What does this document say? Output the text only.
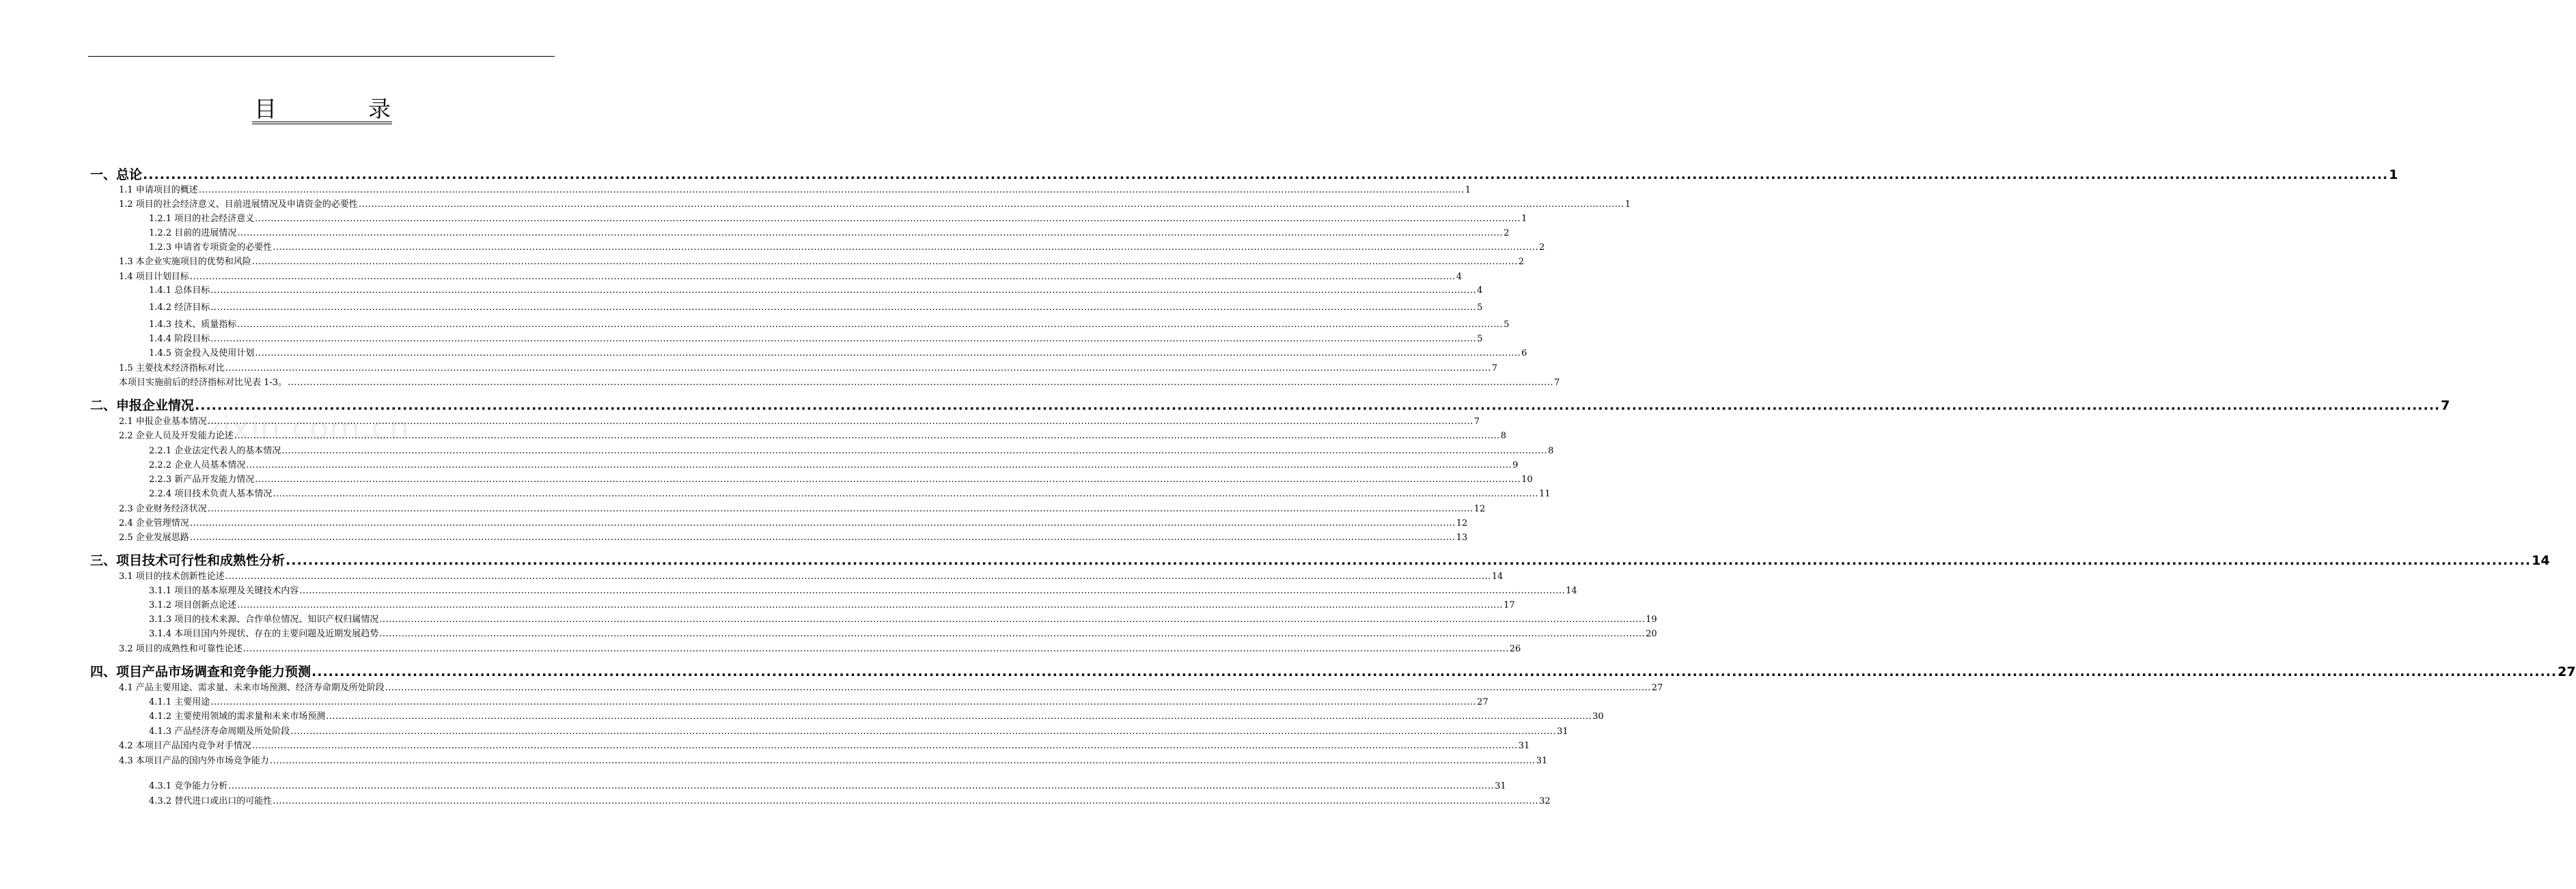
目	录
zixin.com.cn
一、总论 ................................................................................................................................................................................................................................................................................................................................................................................................................ 1
1.1 申请项目的概述 ................................................................................................................................................................................................................................................................................................................................................................................................................ 1
1.2 项目的社会经济意义、目前进展情况及申请资金的必要性 ................................................................................................................................................................................................................................................................................................................................................................................................................ 1
1.2.1 项目的社会经济意义 ................................................................................................................................................................................................................................................................................................................................................................................................................ 1
1.2.2 目前的进展情况 ................................................................................................................................................................................................................................................................................................................................................................................................................ 2
1.2.3 申请省专项资金的必要性 ................................................................................................................................................................................................................................................................................................................................................................................................................ 2
1.3 本企业实施项目的优势和风险 ................................................................................................................................................................................................................................................................................................................................................................................................................ 2
1.4 项目计划目标 ................................................................................................................................................................................................................................................................................................................................................................................................................ 4
1.4.1 总体目标 ................................................................................................................................................................................................................................................................................................................................................................................................................ 4
1.4.2 经济目标 ................................................................................................................................................................................................................................................................................................................................................................................................................ 5
1.4.3 技术、质量指标 ................................................................................................................................................................................................................................................................................................................................................................................................................ 5
1.4.4 阶段目标 ................................................................................................................................................................................................................................................................................................................................................................................................................ 5
1.4.5 资金投入及使用计划 ................................................................................................................................................................................................................................................................................................................................................................................................................ 6
1.5 主要技术经济指标对比 ................................................................................................................................................................................................................................................................................................................................................................................................................ 7
本项目实施前后的经济指标对比见表 1-3。 ................................................................................................................................................................................................................................................................................................................................................................................................................ 7
二、申报企业情况 ................................................................................................................................................................................................................................................................................................................................................................................................................ 7
2.1 申报企业基本情况 ................................................................................................................................................................................................................................................................................................................................................................................................................ 7
2.2 企业人员及开发能力论述 ................................................................................................................................................................................................................................................................................................................................................................................................................ 8
2.2.1 企业法定代表人的基本情况 ................................................................................................................................................................................................................................................................................................................................................................................................................ 8
2.2.2 企业人员基本情况 ................................................................................................................................................................................................................................................................................................................................................................................................................ 9
2.2.3 新产品开发能力情况 ................................................................................................................................................................................................................................................................................................................................................................................................................ 10
2.2.4 项目技术负责人基本情况 ................................................................................................................................................................................................................................................................................................................................................................................................................ 11
2.3 企业财务经济状况 ................................................................................................................................................................................................................................................................................................................................................................................................................ 12
2.4 企业管理情况 ................................................................................................................................................................................................................................................................................................................................................................................................................ 12
2.5 企业发展思路 ................................................................................................................................................................................................................................................................................................................................................................................................................ 13
三、项目技术可行性和成熟性分析 ................................................................................................................................................................................................................................................................................................................................................................................................................ 14
3.1 项目的技术创新性论述 ................................................................................................................................................................................................................................................................................................................................................................................................................ 14
3.1.1 项目的基本原理及关键技术内容 ................................................................................................................................................................................................................................................................................................................................................................................................................ 14
3.1.2 项目创新点论述 ................................................................................................................................................................................................................................................................................................................................................................................................................ 17
3.1.3 项目的技术来源、合作单位情况、知识产权归属情况 ................................................................................................................................................................................................................................................................................................................................................................................................................ 19
3.1.4 本项目国内外现状、存在的主要问题及近期发展趋势 ................................................................................................................................................................................................................................................................................................................................................................................................................ 20
3.2 项目的成熟性和可靠性论述 ................................................................................................................................................................................................................................................................................................................................................................................................................ 26
四、项目产品市场调查和竞争能力预测 ................................................................................................................................................................................................................................................................................................................................................................................................................ 27
4.1 产品主要用途、需求量、未来市场预测、经济寿命期及所处阶段 ................................................................................................................................................................................................................................................................................................................................................................................................................ 27
4.1.1 主要用途 ................................................................................................................................................................................................................................................................................................................................................................................................................ 27
4.1.2 主要使用领域的需求量和未来市场预测 ................................................................................................................................................................................................................................................................................................................................................................................................................ 30
4.1.3 产品经济寿命周期及所处阶段 ................................................................................................................................................................................................................................................................................................................................................................................................................ 31
4.2 本项目产品国内竞争对手情况 ................................................................................................................................................................................................................................................................................................................................................................................................................ 31
4.3 本项目产品的国内外市场竞争能力 ................................................................................................................................................................................................................................................................................................................................................................................................................ 31
4.3.1 竞争能力分析 ................................................................................................................................................................................................................................................................................................................................................................................................................ 31
4.3.2 替代进口或出口的可能性 ................................................................................................................................................................................................................................................................................................................................................................................................................ 32
